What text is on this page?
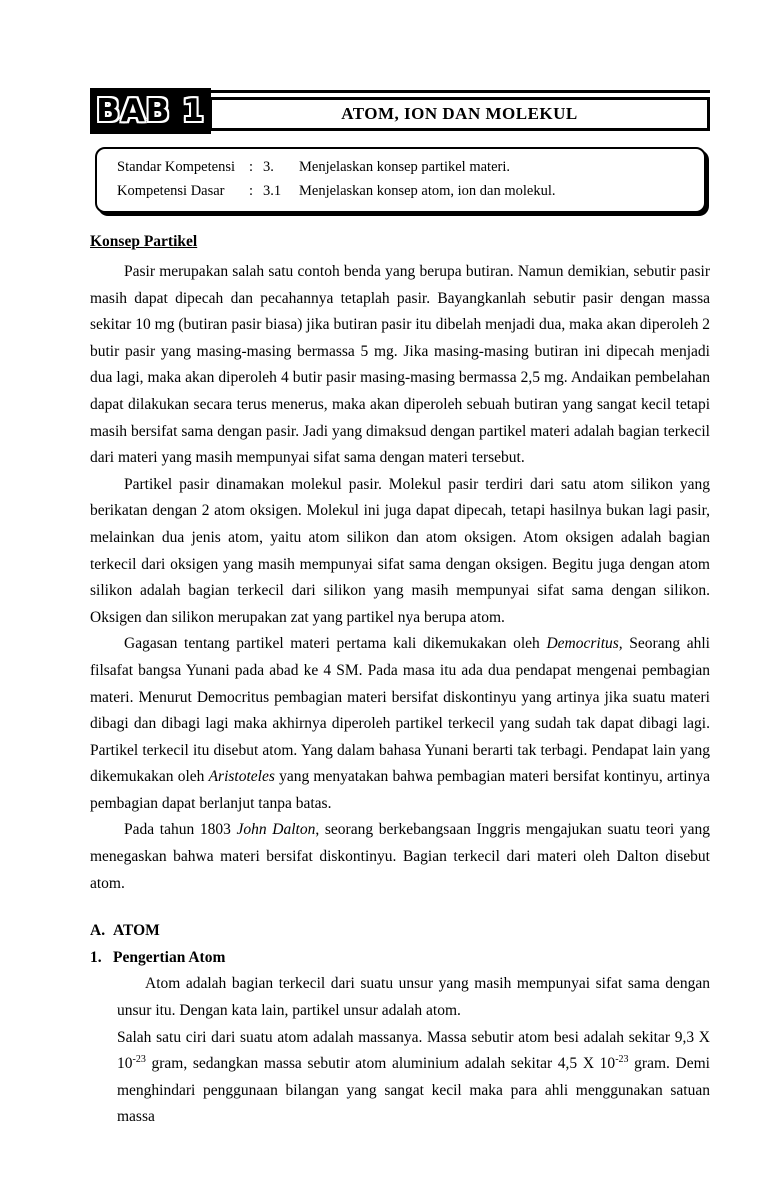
BAB 1	ATOM, ION DAN MOLEKUL
Standar Kompetensi : 3.	Menjelaskan konsep partikel materi.
Kompetensi Dasar	: 3.1	Menjelaskan konsep atom, ion dan molekul.
Konsep Partikel

Pasir merupakan salah satu contoh benda yang berupa butiran. Namun demikian, sebutir pasir masih dapat dipecah dan pecahannya tetaplah pasir. Bayangkanlah sebutir pasir dengan massa sekitar 10 mg (butiran pasir biasa) jika butiran pasir itu dibelah menjadi dua, maka akan diperoleh 2 butir pasir yang masing-masing bermassa 5 mg. Jika masing-masing butiran ini dipecah menjadi dua lagi, maka akan diperoleh 4 butir pasir masing-masing bermassa 2,5 mg. Andaikan pembelahan dapat dilakukan secara terus menerus, maka akan diperoleh sebuah butiran yang sangat kecil tetapi masih bersifat sama dengan pasir. Jadi yang dimaksud dengan partikel materi adalah bagian terkecil dari materi yang masih mempunyai sifat sama dengan materi tersebut.

Partikel pasir dinamakan molekul pasir. Molekul pasir terdiri dari satu atom silikon yang berikatan dengan 2 atom oksigen. Molekul ini juga dapat dipecah, tetapi hasilnya bukan lagi pasir, melainkan dua jenis atom, yaitu atom silikon dan atom oksigen. Atom oksigen adalah bagian terkecil dari oksigen yang masih mempunyai sifat sama dengan oksigen. Begitu juga dengan atom silikon adalah bagian terkecil dari silikon yang masih mempunyai sifat sama dengan silikon. Oksigen dan silikon merupakan zat yang partikel nya berupa atom.

Gagasan tentang partikel materi pertama kali dikemukakan oleh Democritus, Seorang ahli filsafat bangsa Yunani pada abad ke 4 SM. Pada masa itu ada dua pendapat mengenai pembagian materi. Menurut Democritus pembagian materi bersifat diskontinyu yang artinya jika suatu materi dibagi dan dibagi lagi maka akhirnya diperoleh partikel terkecil yang sudah tak dapat dibagi lagi. Partikel terkecil itu disebut atom. Yang dalam bahasa Yunani berarti tak terbagi. Pendapat lain yang dikemukakan oleh Aristoteles yang menyatakan bahwa pembagian materi bersifat kontinyu, artinya pembagian dapat berlanjut tanpa batas.

Pada tahun 1803 John Dalton, seorang berkebangsaan Inggris mengajukan suatu teori yang menegaskan bahwa materi bersifat diskontinyu. Bagian terkecil dari materi oleh Dalton disebut atom.

A. ATOM
1. Pengertian Atom

Atom adalah bagian terkecil dari suatu unsur yang masih mempunyai sifat sama dengan unsur itu. Dengan kata lain, partikel unsur adalah atom.

Salah satu ciri dari suatu atom adalah massanya. Massa sebutir atom besi adalah sekitar 9,3 X $10^{-23}$ gram, sedangkan massa sebutir atom aluminium adalah sekitar 4,5 X $10^{-23}$ gram. Demi menghindari penggunaan bilangan yang sangat kecil maka para ahli menggunakan satuan massa
